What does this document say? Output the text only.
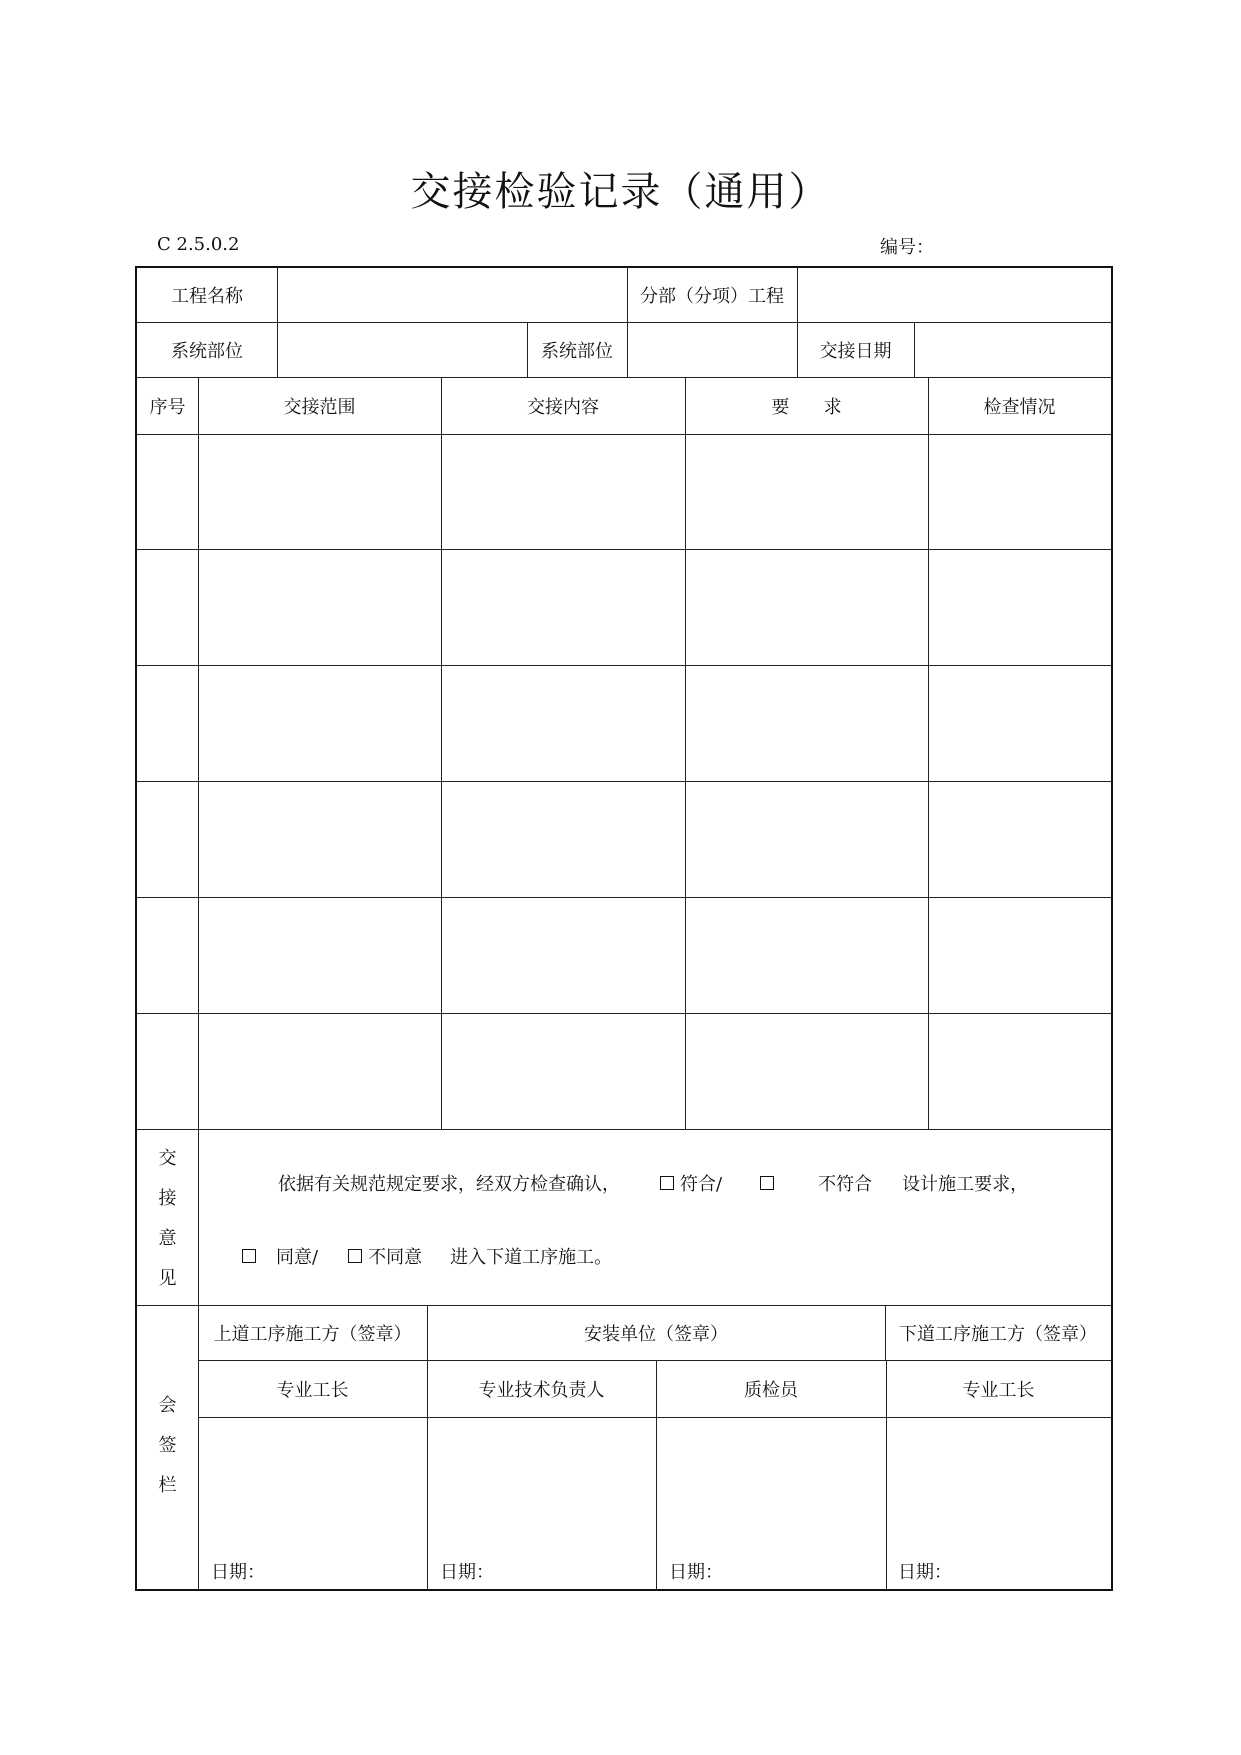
交接检验记录（通用）
C 2.5.0.2	编号：
工程名称	分部（分项）工程
系统部位	系统部位	交接日期
序号	交接范围	交接内容	要      求	检查情况
交
接
意
见
依据有关规范规定要求，经双方检查确认，	符合/	不符合 设计施工要求，
同意/	不同意 进入下道工序施工。
会
签
栏
上道工序施工方（签章）	安装单位（签章）	下道工序施工方（签章）
专业工长	专业技术负责人	质检员	专业工长
日期：	日期：	日期：	日期：
